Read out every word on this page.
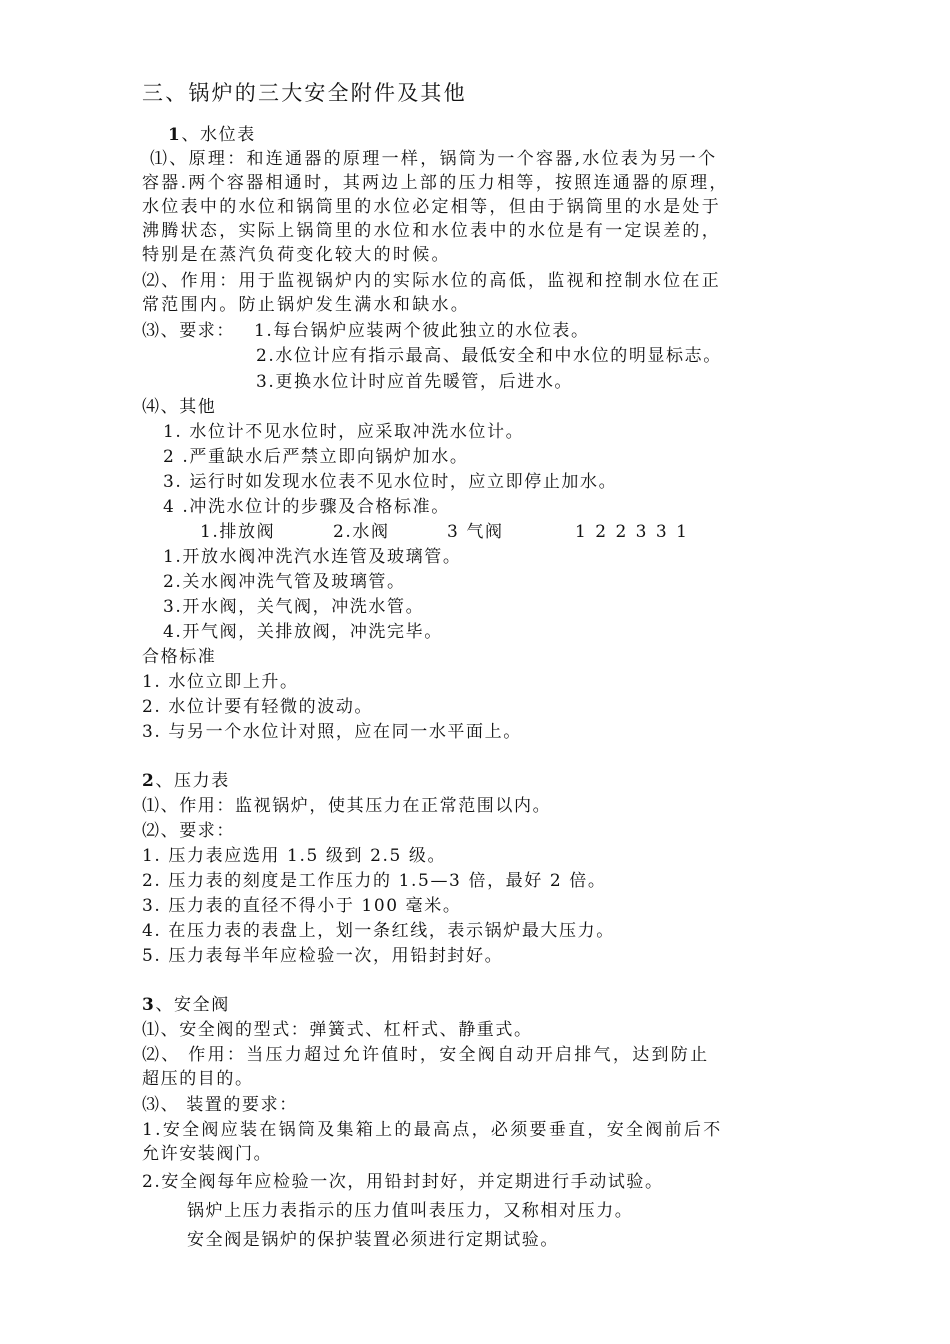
三、锅炉的三大安全附件及其他
1、水位表
⑴、原理：和连通器的原理一样，锅筒为一个容器,水位表为另一个
容器.两个容器相通时，其两边上部的压力相等，按照连通器的原理，
水位表中的水位和锅筒里的水位必定相等，但由于锅筒里的水是处于
沸腾状态，实际上锅筒里的水位和水位表中的水位是有一定误差的，
特别是在蒸汽负荷变化较大的时候。
⑵、作用：用于监视锅炉内的实际水位的高低，监视和控制水位在正
常范围内。防止锅炉发生满水和缺水。
⑶、要求： 1.每台锅炉应装两个彼此独立的水位表。
2.水位计应有指示最高、最低安全和中水位的明显标志。
3.更换水位计时应首先暖管，后进水。
⑷、其他
1. 水位计不见水位时，应采取冲洗水位计。
2 .严重缺水后严禁立即向锅炉加水。
3. 运行时如发现水位表不见水位时，应立即停止加水。
4 .冲洗水位计的步骤及合格标准。
1.排放阀	2.水阀	3 气阀	1 2 2 3 3 1
1.开放水阀冲洗汽水连管及玻璃管。
2.关水阀冲洗气管及玻璃管。
3.开水阀，关气阀，冲洗水管。
4.开气阀，关排放阀，冲洗完毕。
合格标准
1. 水位立即上升。
2. 水位计要有轻微的波动。
3. 与另一个水位计对照，应在同一水平面上。
2、压力表
⑴、作用：监视锅炉，使其压力在正常范围以内。
⑵、要求：
1. 压力表应选用 1.5 级到 2.5 级。
2. 压力表的刻度是工作压力的 1.5—3 倍，最好 2 倍。
3. 压力表的直径不得小于 100 毫米。
4. 在压力表的表盘上，划一条红线，表示锅炉最大压力。
5. 压力表每半年应检验一次，用铅封封好。
3、安全阀
⑴、安全阀的型式：弹簧式、杠杆式、静重式。
⑵、 作用：当压力超过允许值时，安全阀自动开启排气，达到防止
超压的目的。
⑶、 装置的要求：
1.安全阀应装在锅筒及集箱上的最高点，必须要垂直，安全阀前后不
允许安装阀门。
2.安全阀每年应检验一次，用铅封封好，并定期进行手动试验。
锅炉上压力表指示的压力值叫表压力，又称相对压力。
安全阀是锅炉的保护装置必须进行定期试验。
